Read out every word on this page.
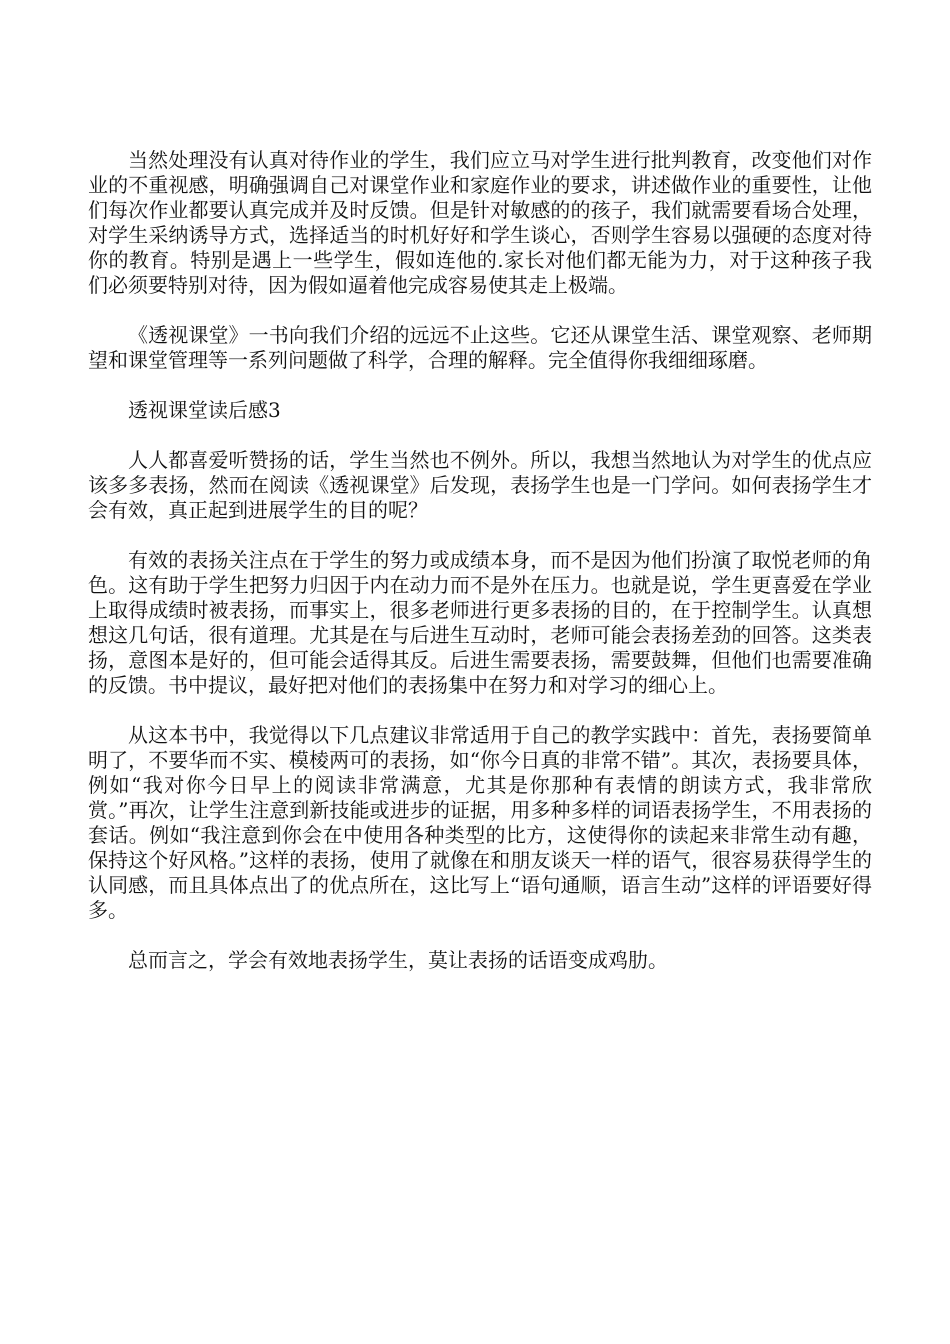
当然处理没有认真对待作业的学生，我们应立马对学生进行批判教育，改变他们对作业的不重视感，明确强调自己对课堂作业和家庭作业的要求，讲述做作业的重要性，让他们每次作业都要认真完成并及时反馈。但是针对敏感的的孩子，我们就需要看场合处理，对学生采纳诱导方式，选择适当的时机好好和学生谈心，否则学生容易以强硬的态度对待你的教育。特别是遇上一些学生，假如连他的.家长对他们都无能为力，对于这种孩子我们必须要特别对待，因为假如逼着他完成容易使其走上极端。

《透视课堂》一书向我们介绍的远远不止这些。它还从课堂生活、课堂观察、老师期望和课堂管理等一系列问题做了科学，合理的解释。完全值得你我细细琢磨。

透视课堂读后感3

人人都喜爱听赞扬的话，学生当然也不例外。所以，我想当然地认为对学生的优点应该多多表扬，然而在阅读《透视课堂》后发现，表扬学生也是一门学问。如何表扬学生才会有效，真正起到进展学生的目的呢？

有效的表扬关注点在于学生的努力或成绩本身，而不是因为他们扮演了取悦老师的角色。这有助于学生把努力归因于内在动力而不是外在压力。也就是说，学生更喜爱在学业上取得成绩时被表扬，而事实上，很多老师进行更多表扬的目的，在于控制学生。认真想想这几句话，很有道理。尤其是在与后进生互动时，老师可能会表扬差劲的回答。这类表扬，意图本是好的，但可能会适得其反。后进生需要表扬，需要鼓舞，但他们也需要准确的反馈。书中提议，最好把对他们的表扬集中在努力和对学习的细心上。

从这本书中，我觉得以下几点建议非常适用于自己的教学实践中：首先，表扬要简单明了，不要华而不实、模棱两可的表扬，如“你今日真的非常不错”。其次，表扬要具体，例如“我对你今日早上的阅读非常满意，尤其是你那种有表情的朗读方式，我非常欣赏。”再次，让学生注意到新技能或进步的证据，用多种多样的词语表扬学生，不用表扬的套话。例如“我注意到你会在中使用各种类型的比方，这使得你的读起来非常生动有趣，保持这个好风格。”这样的表扬，使用了就像在和朋友谈天一样的语气，很容易获得学生的认同感，而且具体点出了的优点所在，这比写上“语句通顺，语言生动”这样的评语要好得多。

总而言之，学会有效地表扬学生，莫让表扬的话语变成鸡肋。
